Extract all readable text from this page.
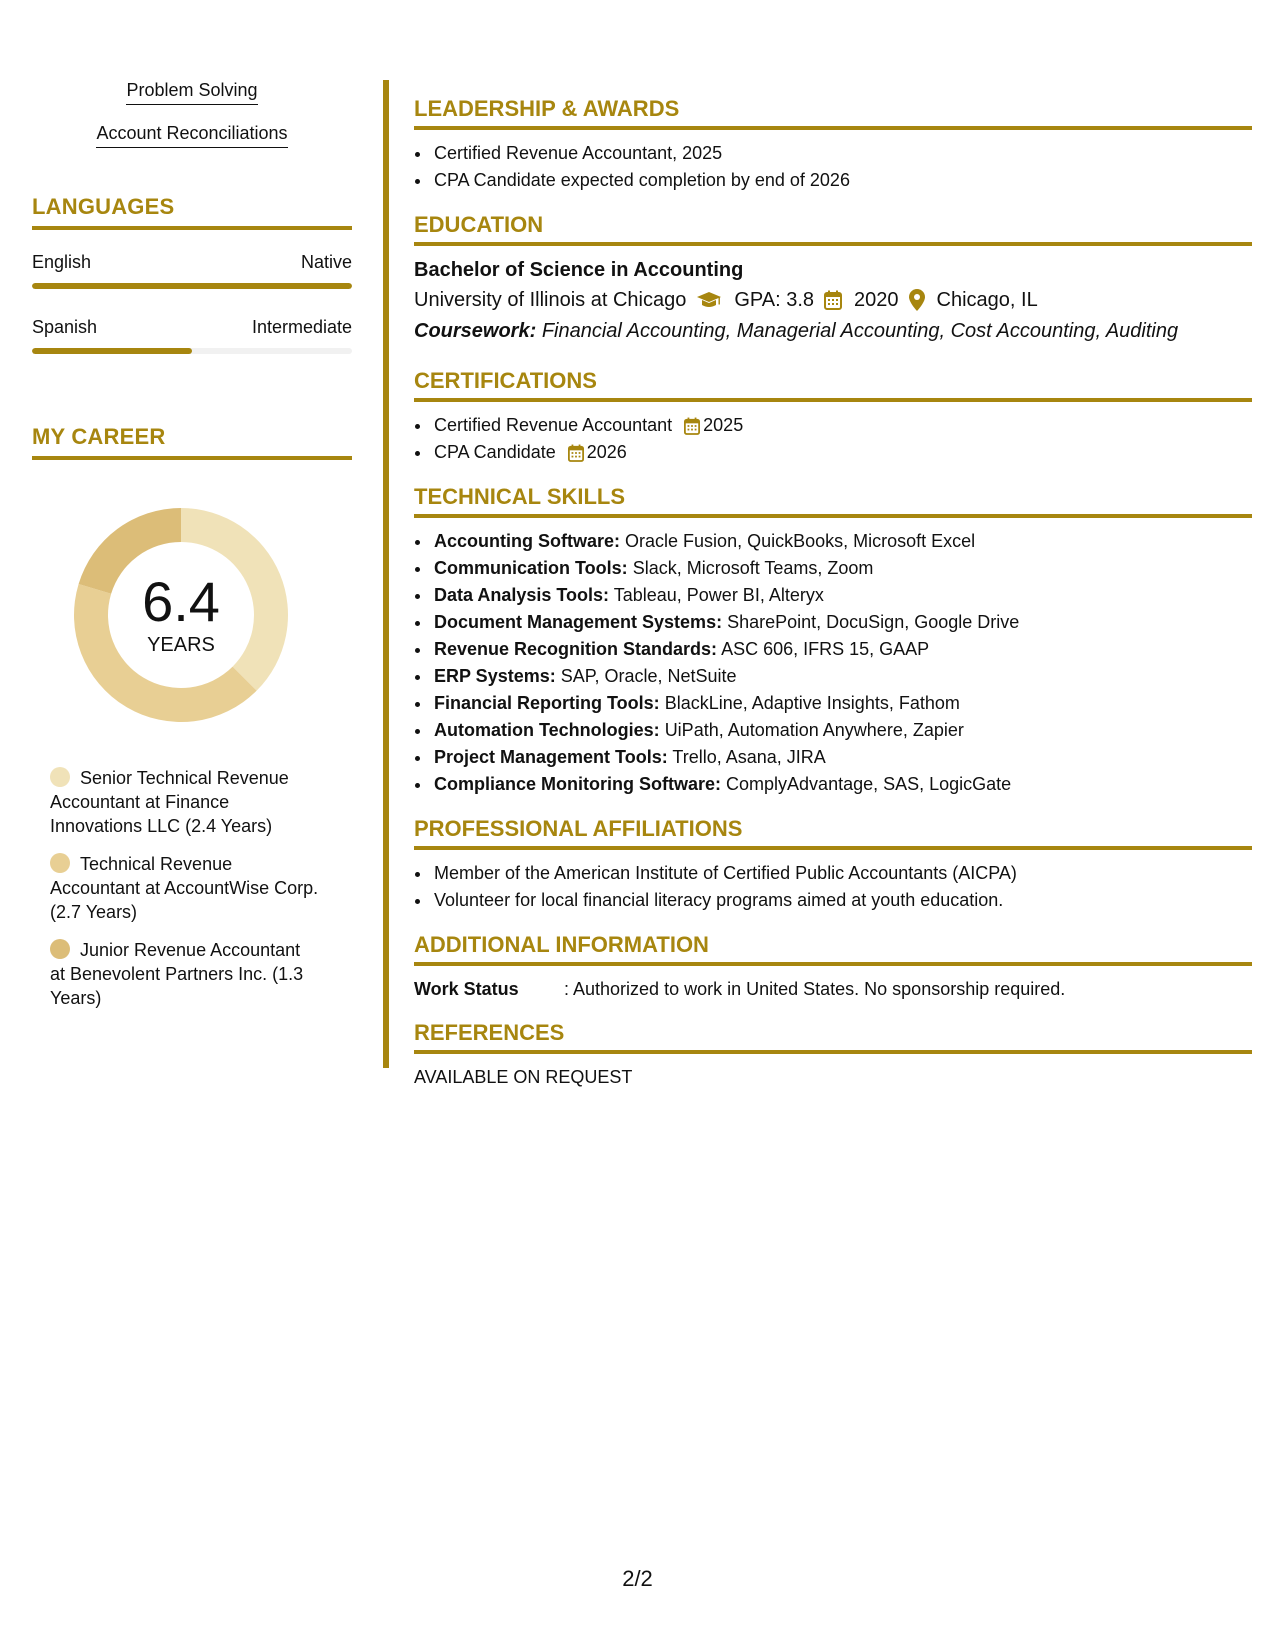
Problem Solving
Account Reconciliations
LANGUAGES
English	Native
Spanish	Intermediate
MY CAREER
6.4
YEARS
Senior Technical Revenue Accountant at Finance Innovations LLC (2.4 Years)
Technical Revenue Accountant at AccountWise Corp. (2.7 Years)
Junior Revenue Accountant at Benevolent Partners Inc. (1.3 Years)
LEADERSHIP & AWARDS
• Certified Revenue Accountant, 2025
• CPA Candidate expected completion by end of 2026
EDUCATION
Bachelor of Science in Accounting
University of Illinois at Chicago GPA: 3.8 2020 Chicago, IL
Coursework: Financial Accounting, Managerial Accounting, Cost Accounting, Auditing
CERTIFICATIONS
• Certified Revenue Accountant 2025
• CPA Candidate 2026
TECHNICAL SKILLS
• Accounting Software: Oracle Fusion, QuickBooks, Microsoft Excel
• Communication Tools: Slack, Microsoft Teams, Zoom
• Data Analysis Tools: Tableau, Power BI, Alteryx
• Document Management Systems: SharePoint, DocuSign, Google Drive
• Revenue Recognition Standards: ASC 606, IFRS 15, GAAP
• ERP Systems: SAP, Oracle, NetSuite
• Financial Reporting Tools: BlackLine, Adaptive Insights, Fathom
• Automation Technologies: UiPath, Automation Anywhere, Zapier
• Project Management Tools: Trello, Asana, JIRA
• Compliance Monitoring Software: ComplyAdvantage, SAS, LogicGate
PROFESSIONAL AFFILIATIONS
• Member of the American Institute of Certified Public Accountants (AICPA)
• Volunteer for local financial literacy programs aimed at youth education.
ADDITIONAL INFORMATION
Work Status	: Authorized to work in United States. No sponsorship required.
REFERENCES
AVAILABLE ON REQUEST
2/2
